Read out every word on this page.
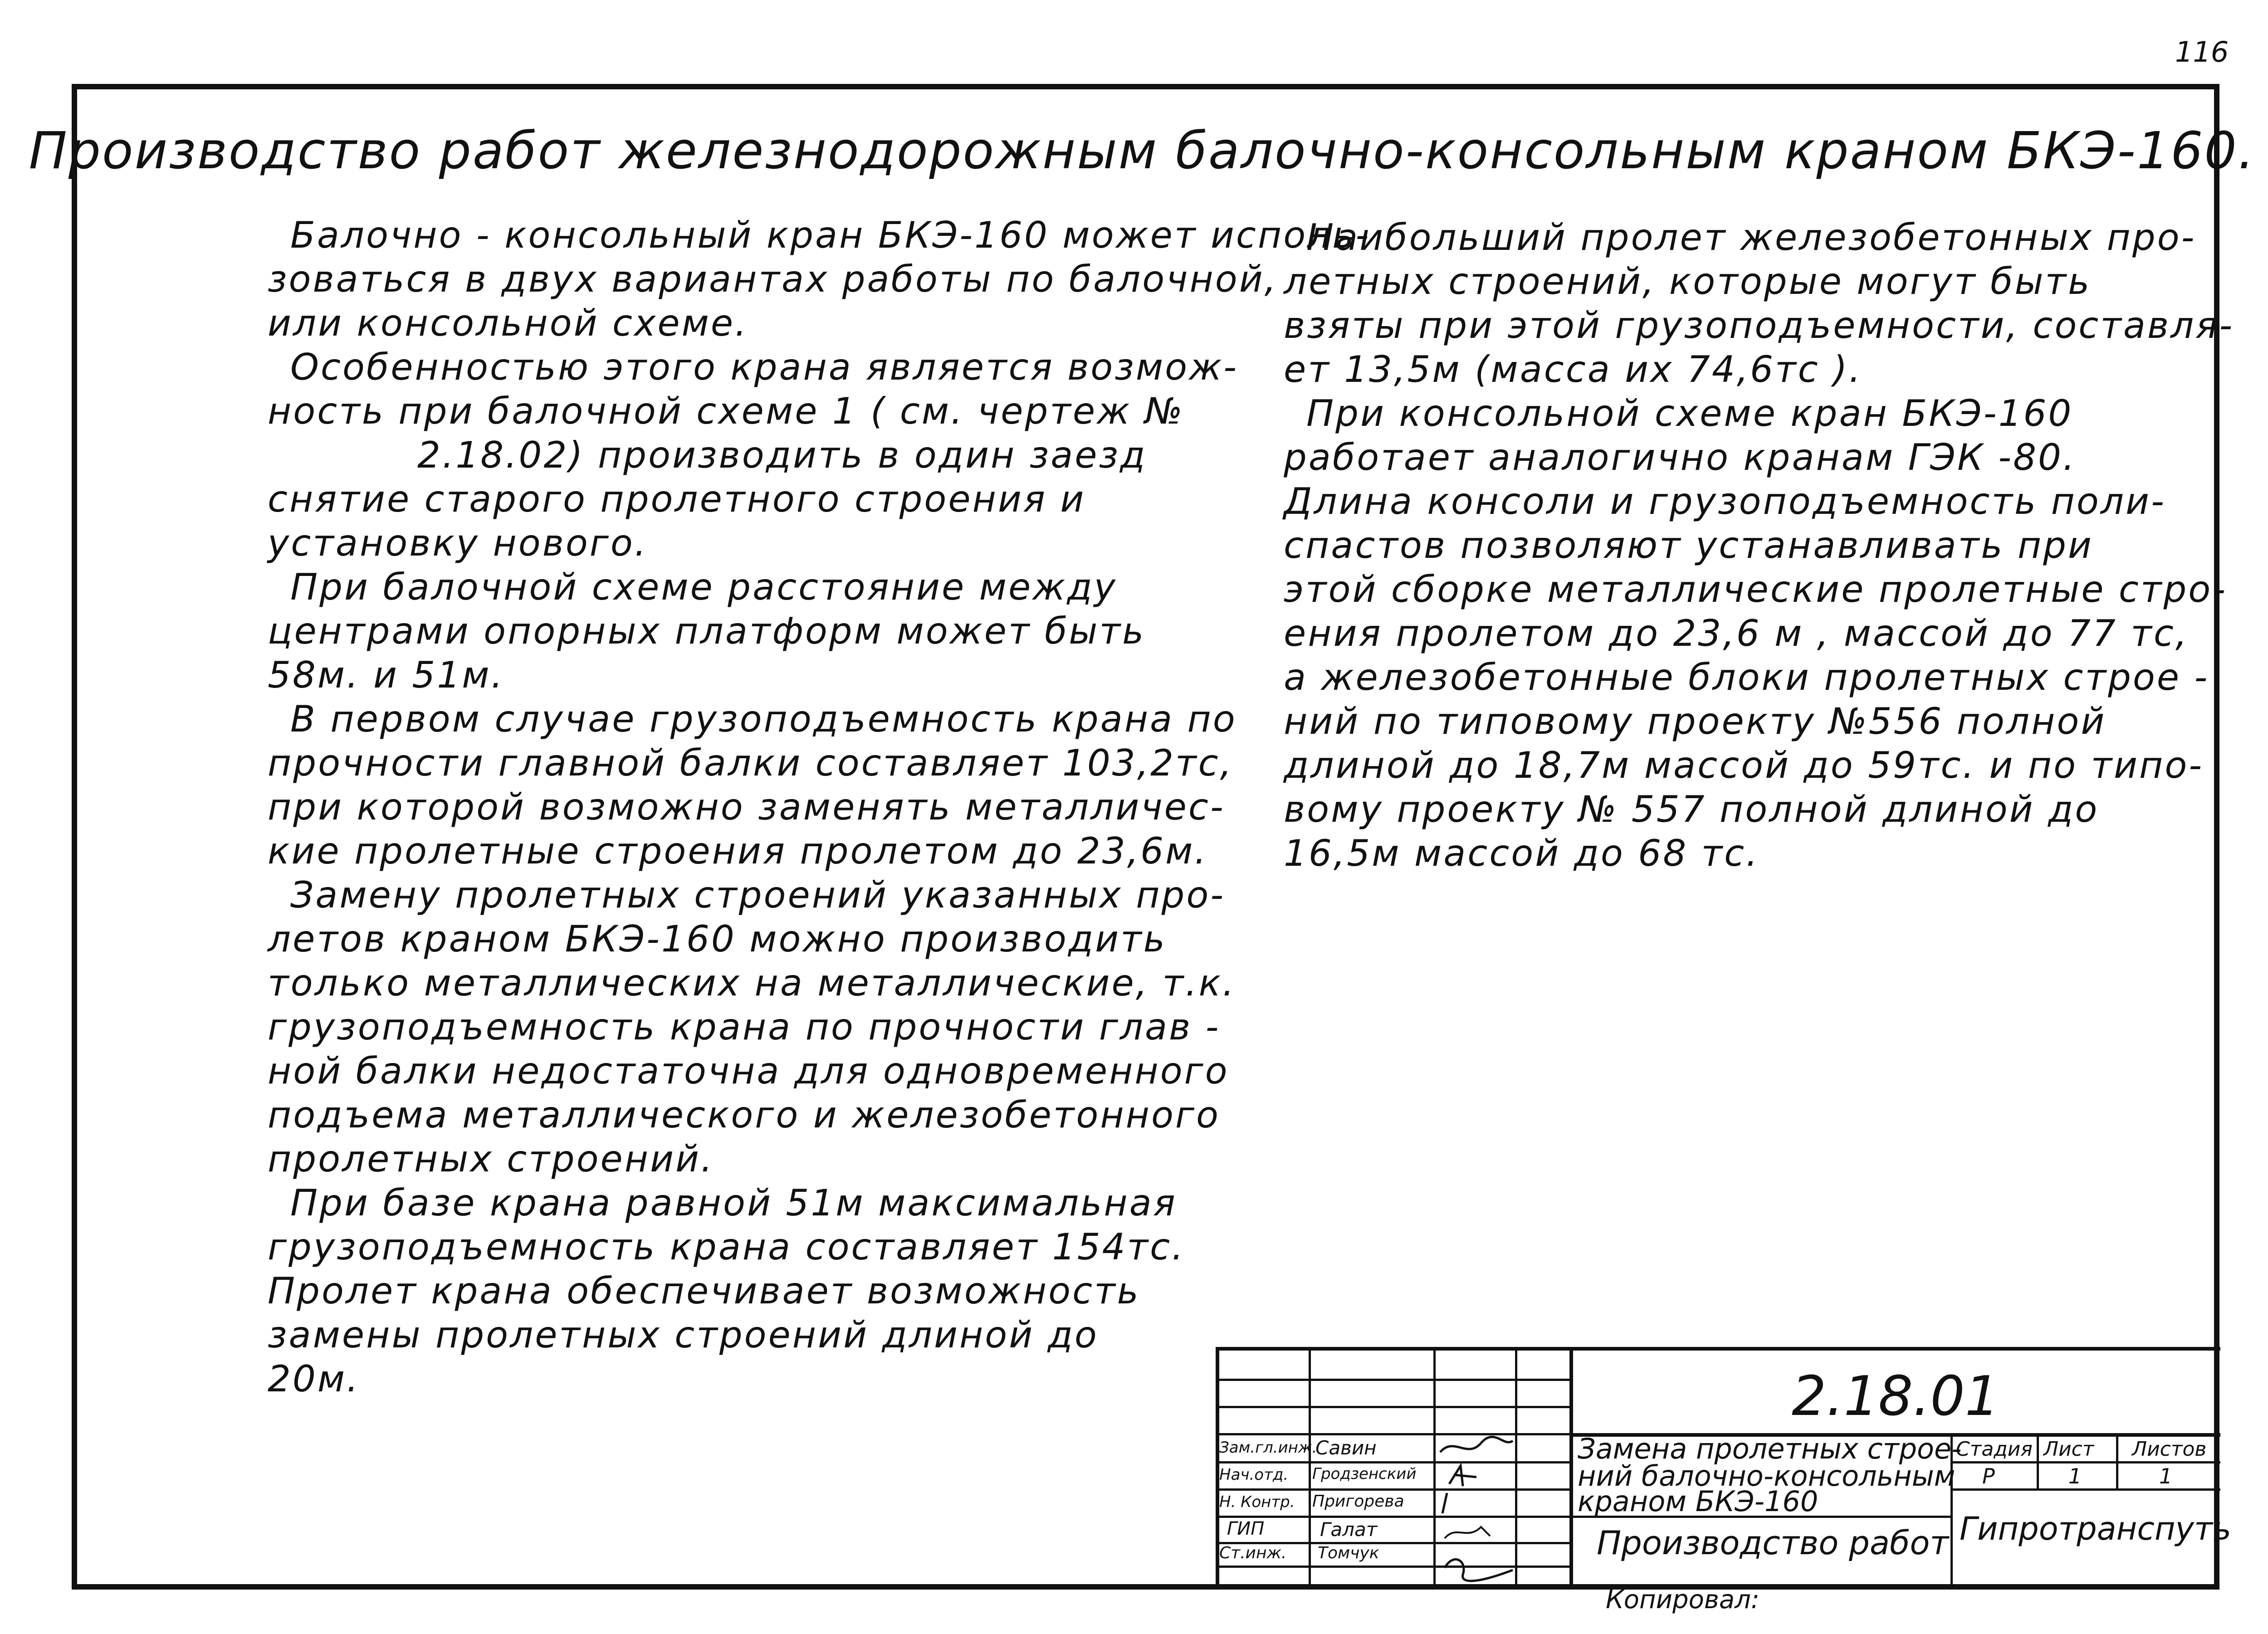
116
Производство работ железнодорожным балочно-консольным краном БКЭ-160.
Балочно - консольный кран БКЭ-160 может исполь-
зоваться в двух вариантах работы по балочной,
или консольной схеме.
Особенностью этого крана является возмож-
ность при балочной схеме 1 ( см. чертеж №
2.18.02) производить в один заезд
снятие старого пролетного строения и
установку нового.
При балочной схеме расстояние между
центрами опорных платформ может быть
58м. и 51м.
В первом случае грузоподъемность крана по
прочности главной балки составляет 103,2тс,
при которой возможно заменять металличес-
кие пролетные строения пролетом до 23,6м.
Замену пролетных строений указанных про-
летов краном БКЭ-160 можно производить
только металлических на металлические, т.к.
грузоподъемность крана по прочности глав -
ной балки недостаточна для одновременного
подъема металлического и железобетонного
пролетных строений.
При базе крана равной 51м максимальная
грузоподъемность крана составляет 154тс.
Пролет крана обеспечивает возможность
замены пролетных строений длиной до
20м.
Наибольший пролет железобетонных про-
летных строений, которые могут быть
взяты при этой грузоподъемности, составля-
ет 13,5м (масса их 74,6тс ).
При консольной схеме кран БКЭ-160
работает аналогично кранам ГЭК -80.
Длина консоли и грузоподъемность поли-
спастов позволяют устанавливать при
этой сборке металлические пролетные стро-
ения пролетом до 23,6 м , массой до 77 тс,
а железобетонные блоки пролетных строе -
ний по типовому проекту №556 полной
длиной до 18,7м массой до 59тс. и по типо-
вому проекту № 557 полной длиной до
16,5м массой до 68 тс.
2.18.01
Замена пролетных строе-
ний балочно-консольным
краном БКЭ-160
Производство работ
Стадия Лист Листов
Р	1	1
Гипротранспуть
Зам.гл.инж.
Савин
Нач.отд. Гродзенский
Н. Контр. Пригорева
ГИП	Галат
Ст.инж. Томчук
Копировал:
